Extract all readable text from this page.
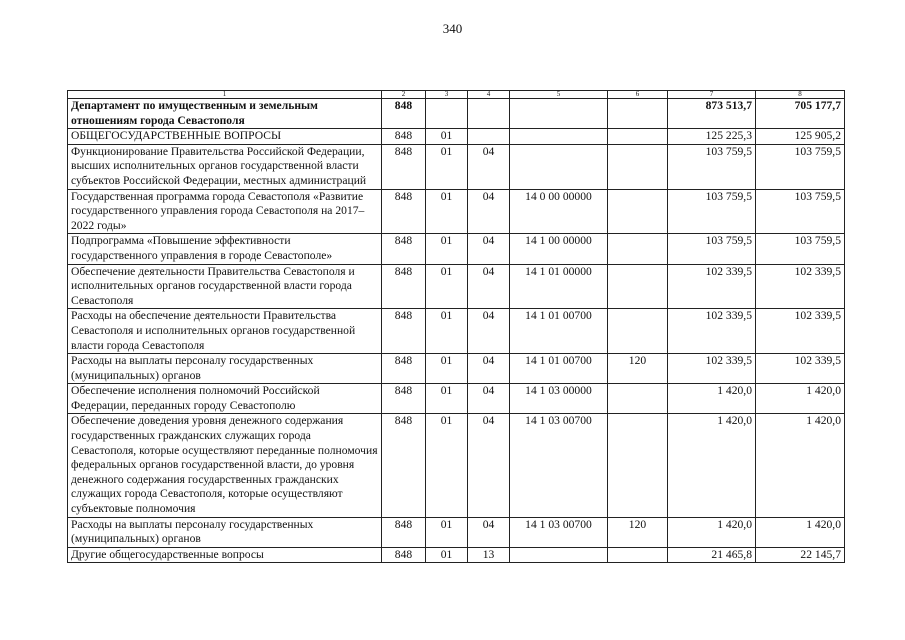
340
1	2	3	4	5	6	7	8
Департамент по имущественным и земельным отношениям города Севастополя	848					873 513,7	705 177,7
ОБЩЕГОСУДАРСТВЕННЫЕ ВОПРОСЫ	848	01				125 225,3	125 905,2
Функционирование Правительства Российской Федерации, высших исполнительных органов государственной власти субъектов Российской Федерации, местных администраций	848	01	04			103 759,5	103 759,5
Государственная программа города Севастополя «Развитие государственного управления города Севастополя на 2017–2022 годы»	848	01	04	14 0 00 00000		103 759,5	103 759,5
Подпрограмма «Повышение эффективности государственного управления в городе Севастополе»	848	01	04	14 1 00 00000		103 759,5	103 759,5
Обеспечение деятельности Правительства Севастополя и исполнительных органов государственной власти города Севастополя	848	01	04	14 1 01 00000		102 339,5	102 339,5
Расходы на обеспечение деятельности Правительства Севастополя и исполнительных органов государственной власти города Севастополя	848	01	04	14 1 01 00700		102 339,5	102 339,5
Расходы на выплаты персоналу государственных (муниципальных) органов	848	01	04	14 1 01 00700	120	102 339,5	102 339,5
Обеспечение исполнения полномочий Российской Федерации, переданных городу Севастополю	848	01	04	14 1 03 00000		1 420,0	1 420,0
Обеспечение доведения уровня денежного содержания государственных гражданских служащих города Севастополя, которые осуществляют переданные полномочия федеральных органов государственной власти, до уровня денежного содержания государственных гражданских служащих города Севастополя, которые осуществляют субъектовые полномочия	848	01	04	14 1 03 00700		1 420,0	1 420,0
Расходы на выплаты персоналу государственных (муниципальных) органов	848	01	04	14 1 03 00700	120	1 420,0	1 420,0
Другие общегосударственные вопросы	848	01	13			21 465,8	22 145,7
